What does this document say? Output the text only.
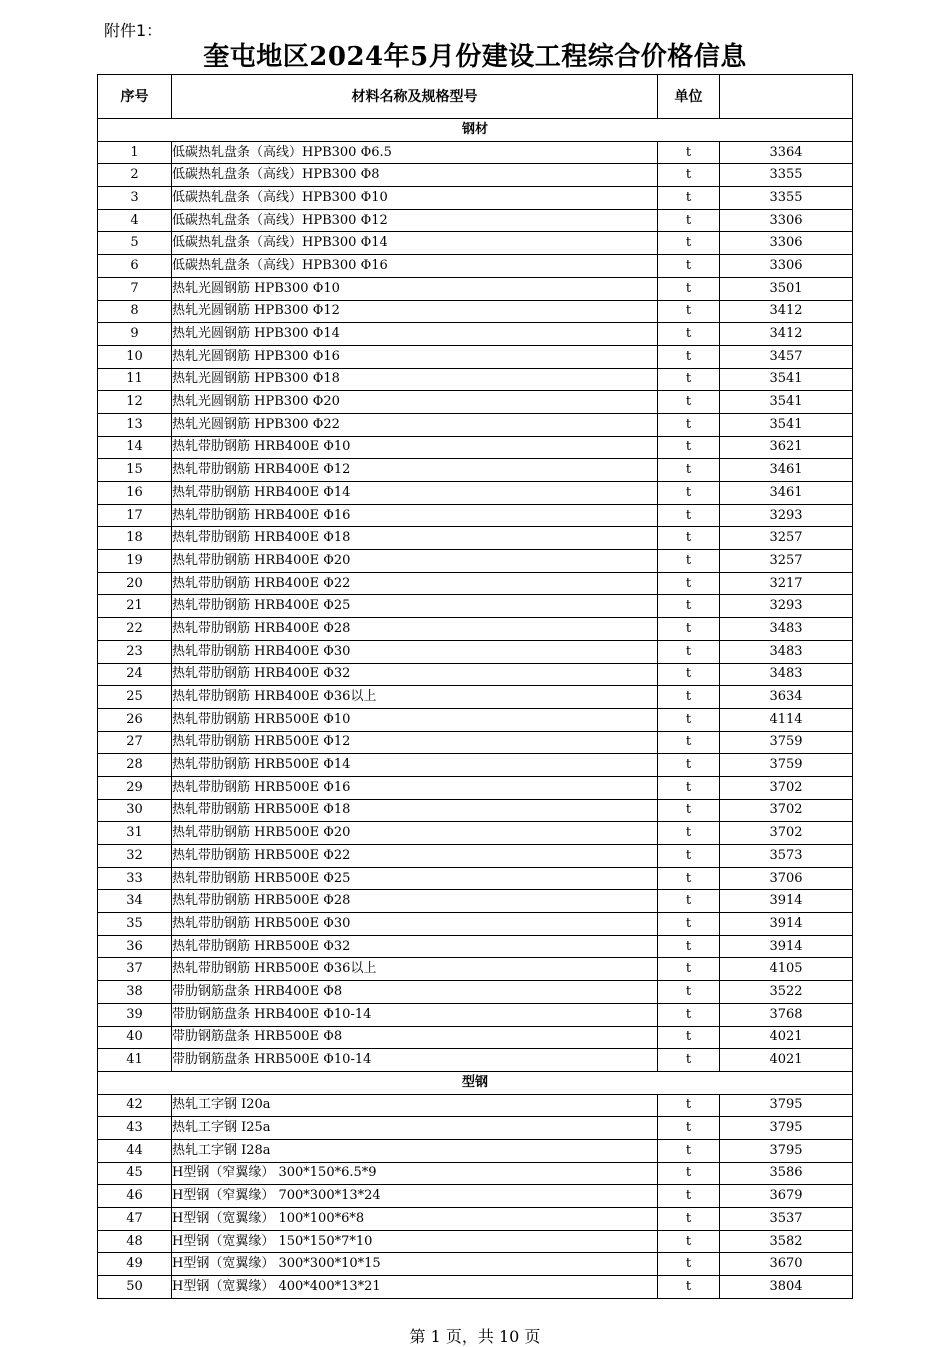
附件1：
奎屯地区2024年5月份建设工程综合价格信息
序号	材料名称及规格型号	单位	
钢材			
1	低碳热轧盘条（高线）HPB300 Φ6.5	t	3364
2	低碳热轧盘条（高线）HPB300 Φ8	t	3355
3	低碳热轧盘条（高线）HPB300 Φ10	t	3355
4	低碳热轧盘条（高线）HPB300 Φ12	t	3306
5	低碳热轧盘条（高线）HPB300 Φ14	t	3306
6	低碳热轧盘条（高线）HPB300 Φ16	t	3306
7	热轧光圆钢筋 HPB300 Φ10	t	3501
8	热轧光圆钢筋 HPB300 Φ12	t	3412
9	热轧光圆钢筋 HPB300 Φ14	t	3412
10	热轧光圆钢筋 HPB300 Φ16	t	3457
11	热轧光圆钢筋 HPB300 Φ18	t	3541
12	热轧光圆钢筋 HPB300 Φ20	t	3541
13	热轧光圆钢筋 HPB300 Φ22	t	3541
14	热轧带肋钢筋 HRB400E Φ10	t	3621
15	热轧带肋钢筋 HRB400E Φ12	t	3461
16	热轧带肋钢筋 HRB400E Φ14	t	3461
17	热轧带肋钢筋 HRB400E Φ16	t	3293
18	热轧带肋钢筋 HRB400E Φ18	t	3257
19	热轧带肋钢筋 HRB400E Φ20	t	3257
20	热轧带肋钢筋 HRB400E Φ22	t	3217
21	热轧带肋钢筋 HRB400E Φ25	t	3293
22	热轧带肋钢筋 HRB400E Φ28	t	3483
23	热轧带肋钢筋 HRB400E Φ30	t	3483
24	热轧带肋钢筋 HRB400E Φ32	t	3483
25	热轧带肋钢筋 HRB400E Φ36以上	t	3634
26	热轧带肋钢筋 HRB500E Φ10	t	4114
27	热轧带肋钢筋 HRB500E Φ12	t	3759
28	热轧带肋钢筋 HRB500E Φ14	t	3759
29	热轧带肋钢筋 HRB500E Φ16	t	3702
30	热轧带肋钢筋 HRB500E Φ18	t	3702
31	热轧带肋钢筋 HRB500E Φ20	t	3702
32	热轧带肋钢筋 HRB500E Φ22	t	3573
33	热轧带肋钢筋 HRB500E Φ25	t	3706
34	热轧带肋钢筋 HRB500E Φ28	t	3914
35	热轧带肋钢筋 HRB500E Φ30	t	3914
36	热轧带肋钢筋 HRB500E Φ32	t	3914
37	热轧带肋钢筋 HRB500E Φ36以上	t	4105
38	带肋钢筋盘条 HRB400E Φ8	t	3522
39	带肋钢筋盘条 HRB400E Φ10-14	t	3768
40	带肋钢筋盘条 HRB500E Φ8	t	4021
41	带肋钢筋盘条 HRB500E Φ10-14	t	4021
型钢			
42	热轧工字钢 I20a	t	3795
43	热轧工字钢 I25a	t	3795
44	热轧工字钢 I28a	t	3795
45	H型钢（窄翼缘） 300*150*6.5*9	t	3586
46	H型钢（窄翼缘） 700*300*13*24	t	3679
47	H型钢（宽翼缘） 100*100*6*8	t	3537
48	H型钢（宽翼缘） 150*150*7*10	t	3582
49	H型钢（宽翼缘） 300*300*10*15	t	3670
50	H型钢（宽翼缘） 400*400*13*21	t	3804
第 1 页，共 10 页
